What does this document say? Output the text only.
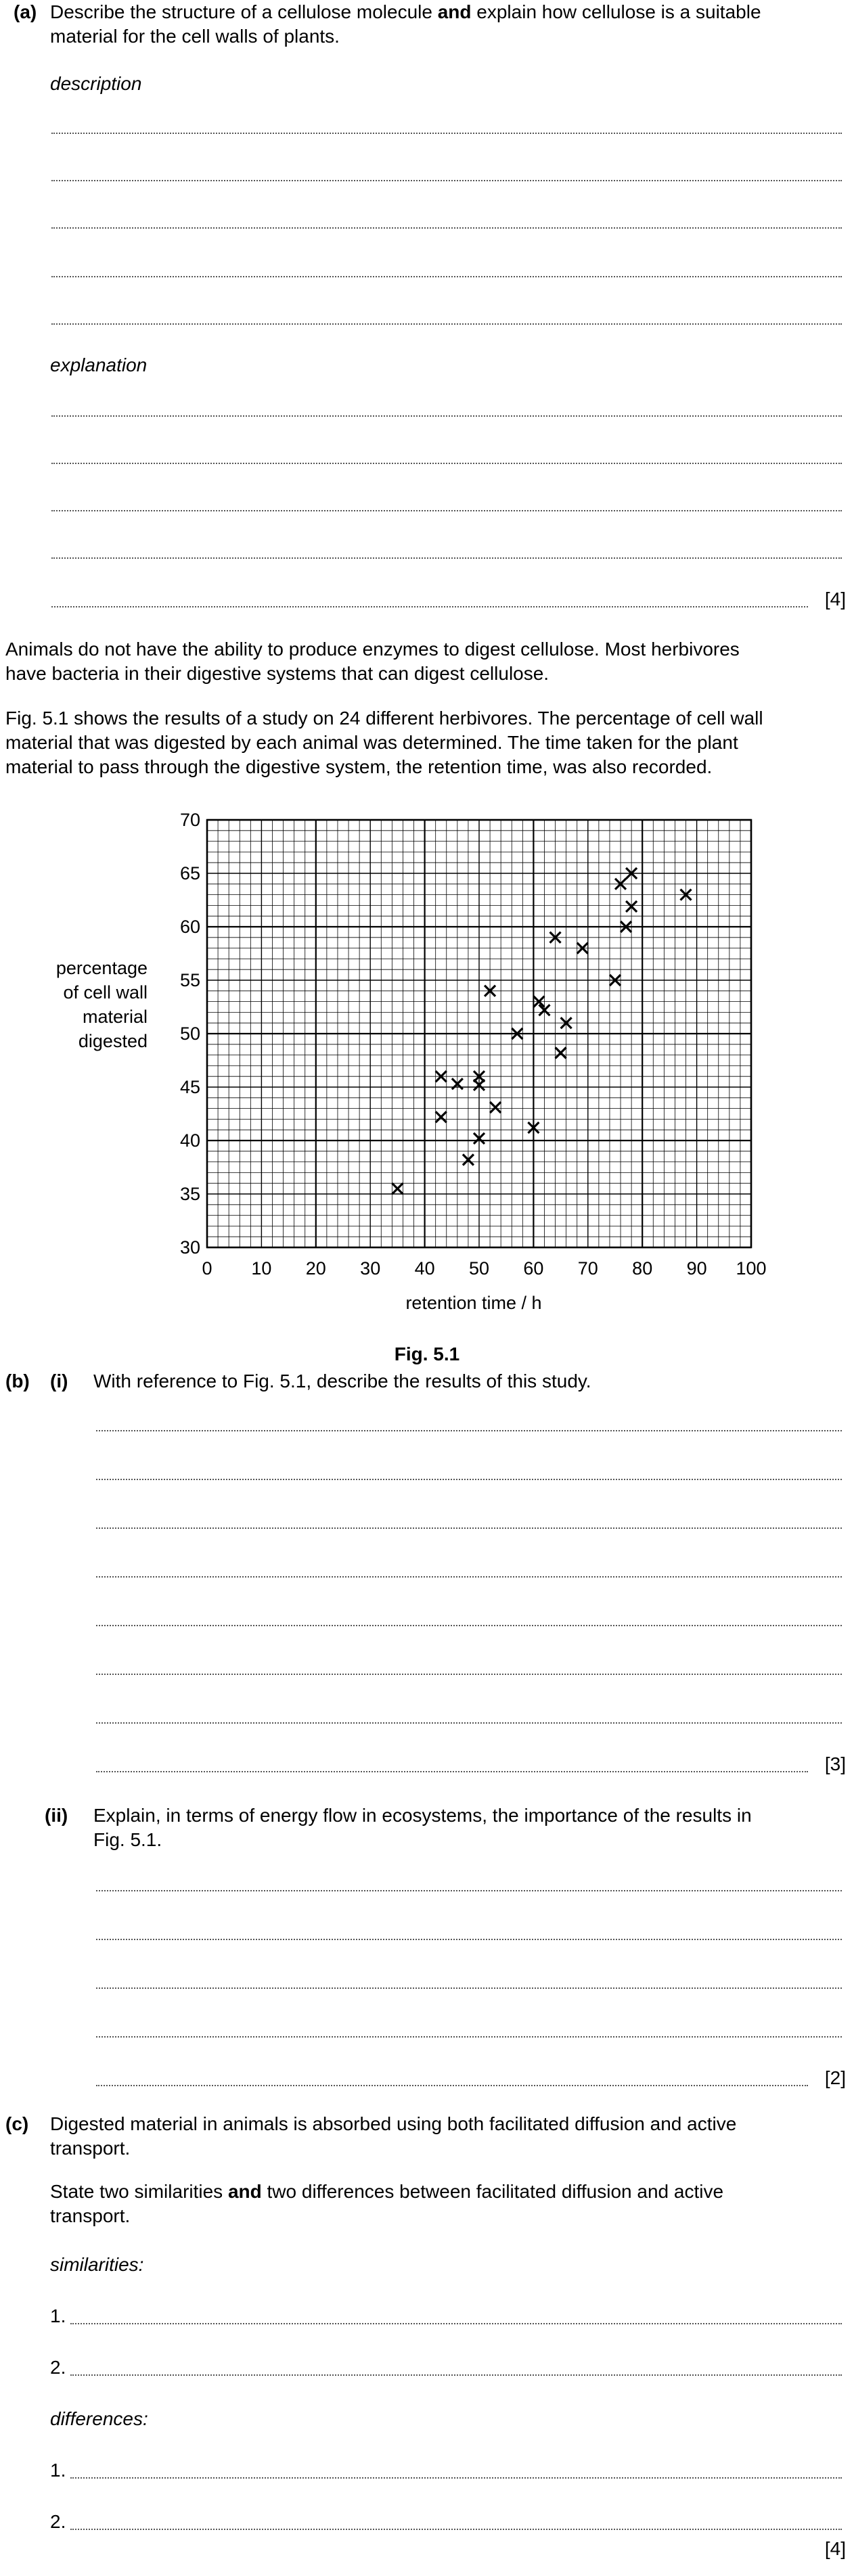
(a) Describe the structure of a cellulose molecule and explain how cellulose is a suitable
material for the cell walls of plants.
description
explanation
[4]
Animals do not have the ability to produce enzymes to digest cellulose. Most herbivores
have bacteria in their digestive systems that can digest cellulose.
Fig. 5.1 shows the results of a study on 24 different herbivores. The percentage of cell wall
material that was digested by each animal was determined. The time taken for the plant
material to pass through the digestive system, the retention time, was also recorded.
30
35
40
45
50
55
60
65
70
0 10 20 30 40 50 60 70 80 90 100
percentage
of cell wall
material
digested
retention time / h
Fig. 5.1
(b) (i) With reference to Fig. 5.1, describe the results of this study.
[3]
(ii) Explain, in terms of energy flow in ecosystems, the importance of the results in
Fig. 5.1.
[2]
(c) Digested material in animals is absorbed using both facilitated diffusion and active
transport.
State two similarities and two differences between facilitated diffusion and active
transport.
similarities:
1.
2.
differences:
1.
2.
[4]
